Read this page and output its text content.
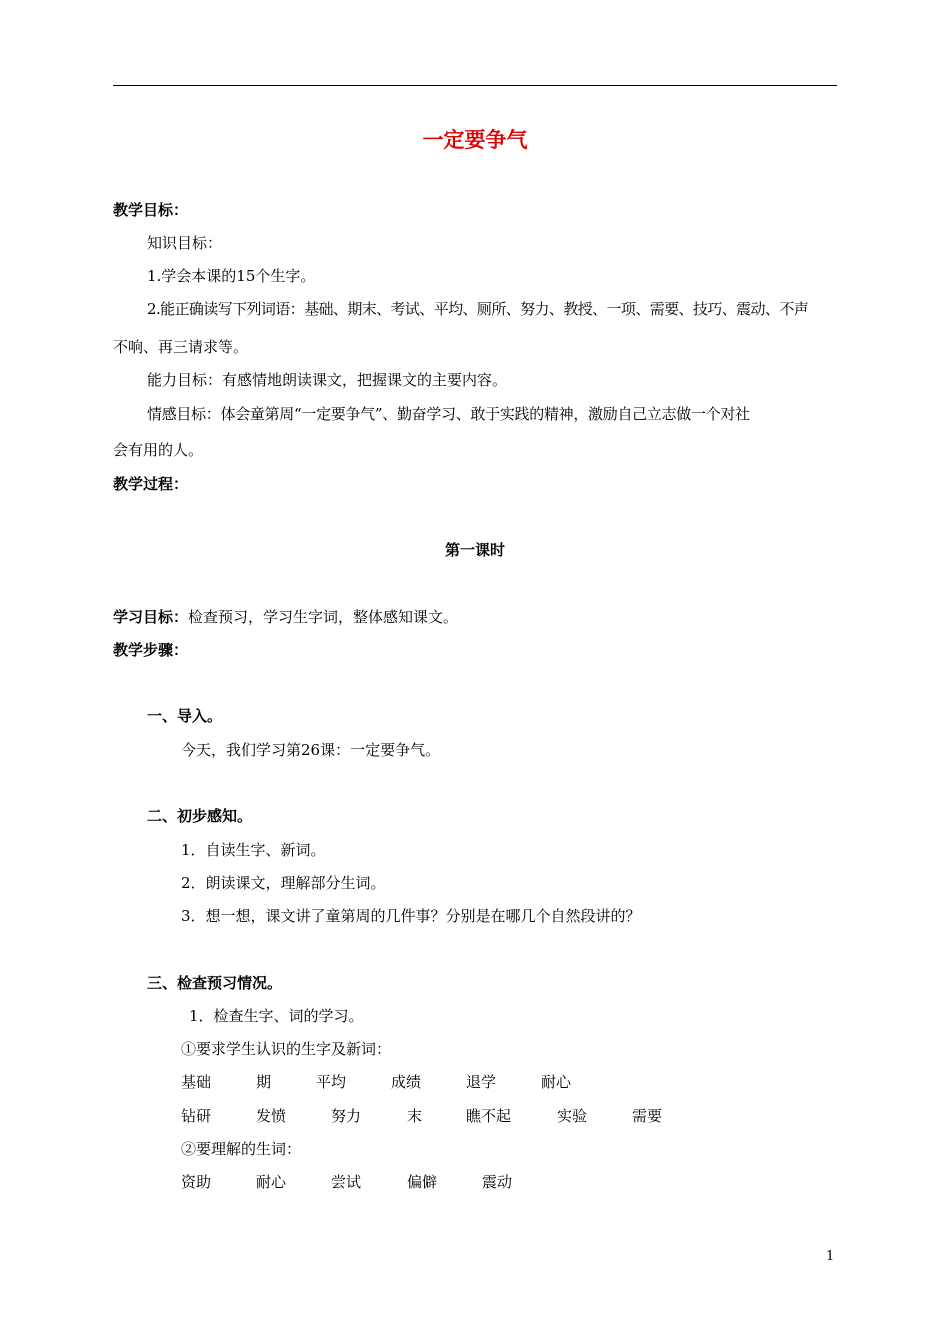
一定要争气
教学目标：
知识目标：
1.学会本课的15个生字。
2.能正确读写下列词语：基础、期末、考试、平均、厕所、努力、教授、一项、需要、技巧、震动、不声
不响、再三请求等。
能力目标：有感情地朗读课文，把握课文的主要内容。
情感目标：体会童第周“一定要争气”、勤奋学习、敢于实践的精神，激励自己立志做一个对社
会有用的人。
教学过程：
第一课时
学习目标：检查预习，学习生字词，整体感知课文。
教学步骤：
一、导入。
今天，我们学习第26课：一定要争气。
二、初步感知。
1．自读生字、新词。
2．朗读课文，理解部分生词。
3．想一想，课文讲了童第周的几件事？分别是在哪几个自然段讲的？
三、检查预习情况。
1．检查生字、词的学习。
①要求学生认识的生字及新词：
基础	期	平均	成绩	退学	耐心
钻研	发愤	努力	末	瞧不起	实验	需要
②要理解的生词：
资助	耐心	尝试	偏僻	震动
1
